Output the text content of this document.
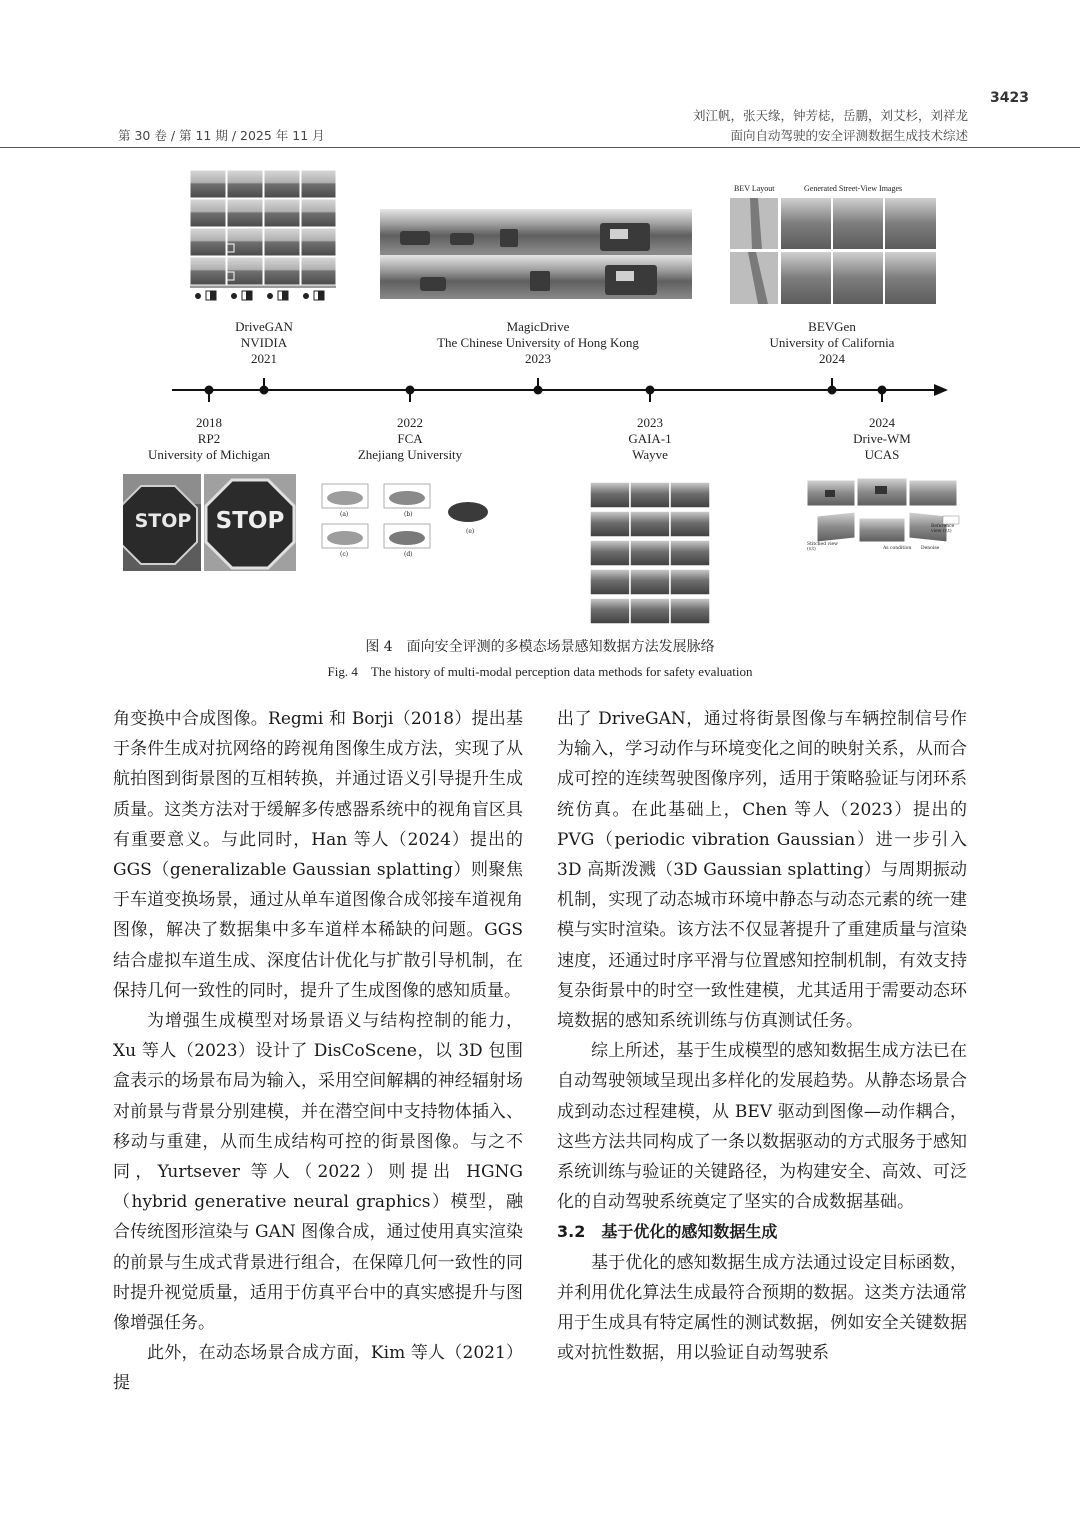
3423
第 30 卷 / 第 11 期 / 2025 年 11 月
刘江帆，张天缘，钟芳梽，岳鹏，刘艾杉，刘祥龙
面向自动驾驶的安全评测数据生成技术综述
BEV Layout	Generated Street-View Images
DriveGAN
NVIDIA
2021
MagicDrive
The Chinese University of Hong Kong
2023
BEVGen
University of California
2024
2018
RP2
University of Michigan
2022
FCA
Zhejiang University
2023
GAIA-1
Wayve
2024
Drive-WM
UCAS
STOP	STOP	(a)	(b)
(c)	(d)
(e)
Stitched view (v,t)
Reference view (v,t)
As condition Denoise
图 4　面向安全评测的多模态场景感知数据方法发展脉络
Fig. 4　The history of multi-modal perception data methods for safety evaluation

角变换中合成图像。Regmi 和 Borji（2018）提出基于条件生成对抗网络的跨视角图像生成方法，实现了从航拍图到街景图的互相转换，并通过语义引导提升生成质量。这类方法对于缓解多传感器系统中的视角盲区具有重要意义。与此同时，Han 等人（2024）提出的 GGS（generalizable Gaussian splatting）则聚焦于车道变换场景，通过从单车道图像合成邻接车道视角图像，解决了数据集中多车道样本稀缺的问题。GGS 结合虚拟车道生成、深度估计优化与扩散引导机制，在保持几何一致性的同时，提升了生成图像的感知质量。

为增强生成模型对场景语义与结构控制的能力，Xu 等人（2023）设计了 DisCoScene，以 3D 包围盒表示的场景布局为输入，采用空间解耦的神经辐射场对前景与背景分别建模，并在潜空间中支持物体插入、移动与重建，从而生成结构可控的街景图像。与之不同，Yurtsever 等人（2022）则提出 HGNG（hybrid generative neural graphics）模型，融合传统图形渲染与 GAN 图像合成，通过使用真实渲染的前景与生成式背景进行组合，在保障几何一致性的同时提升视觉质量，适用于仿真平台中的真实感提升与图像增强任务。

此外，在动态场景合成方面，Kim 等人（2021）提

出了 DriveGAN，通过将街景图像与车辆控制信号作为输入，学习动作与环境变化之间的映射关系，从而合成可控的连续驾驶图像序列，适用于策略验证与闭环系统仿真。在此基础上，Chen 等人（2023）提出的 PVG（periodic vibration Gaussian）进一步引入 3D 高斯泼溅（3D Gaussian splatting）与周期振动机制，实现了动态城市环境中静态与动态元素的统一建模与实时渲染。该方法不仅显著提升了重建质量与渲染速度，还通过时序平滑与位置感知控制机制，有效支持复杂街景中的时空一致性建模，尤其适用于需要动态环境数据的感知系统训练与仿真测试任务。

综上所述，基于生成模型的感知数据生成方法已在自动驾驶领域呈现出多样化的发展趋势。从静态场景合成到动态过程建模，从 BEV 驱动到图像—动作耦合，这些方法共同构成了一条以数据驱动的方式服务于感知系统训练与验证的关键路径，为构建安全、高效、可泛化的自动驾驶系统奠定了坚实的合成数据基础。

3.2　基于优化的感知数据生成

基于优化的感知数据生成方法通过设定目标函数，并利用优化算法生成最符合预期的数据。这类方法通常用于生成具有特定属性的测试数据，例如安全关键数据或对抗性数据，用以验证自动驾驶系
